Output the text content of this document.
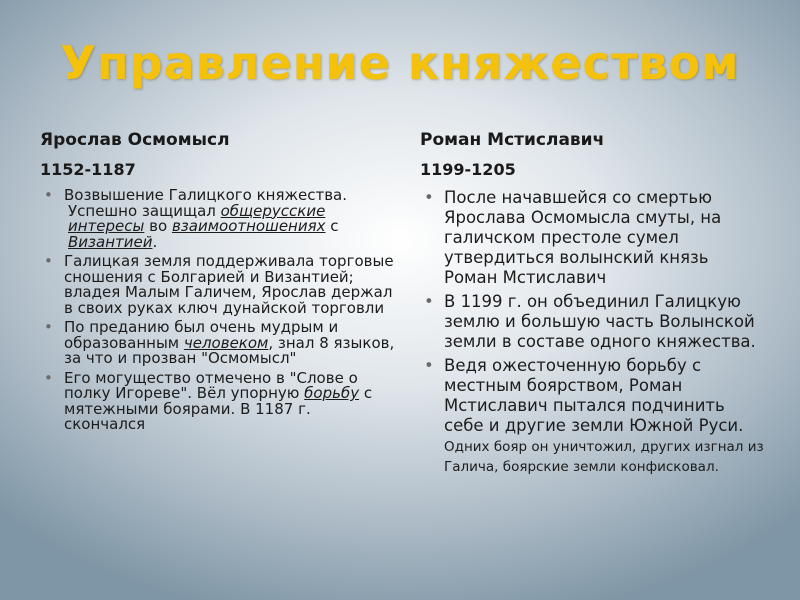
Управление княжеством

Ярослав Осмомысл

1152-1187

• Возвышение Галицкого княжества.
Успешно защищал общерусские интересы во взаимоотношениях с Византией.
• Галицкая земля поддерживала торговые сношения с Болгарией и Византией; владея Малым Галичем, Ярослав держал в своих руках ключ дунайской торговли
• По преданию был очень мудрым и образованным человеком, знал 8 языков, за что и прозван "Осмомысл"
• Его могущество отмечено в "Слове о полку Игореве". Вёл упорную борьбу с мятежными боярами. В 1187 г. скончался

Роман Мстиславич

1199-1205

• После начавшейся со смертью Ярослава Осмомысла смуты, на галичском престоле сумел утвердиться волынский князь Роман Мстиславич
• В 1199 г. он объединил Галицкую землю и большую часть Волынской земли в составе одного княжества.
• Ведя ожесточенную борьбу с местным боярством, Роман Мстиславич пытался подчинить себе и другие земли Южной Руси. Одних бояр он уничтожил, других изгнал из Галича, боярские земли конфисковал.
